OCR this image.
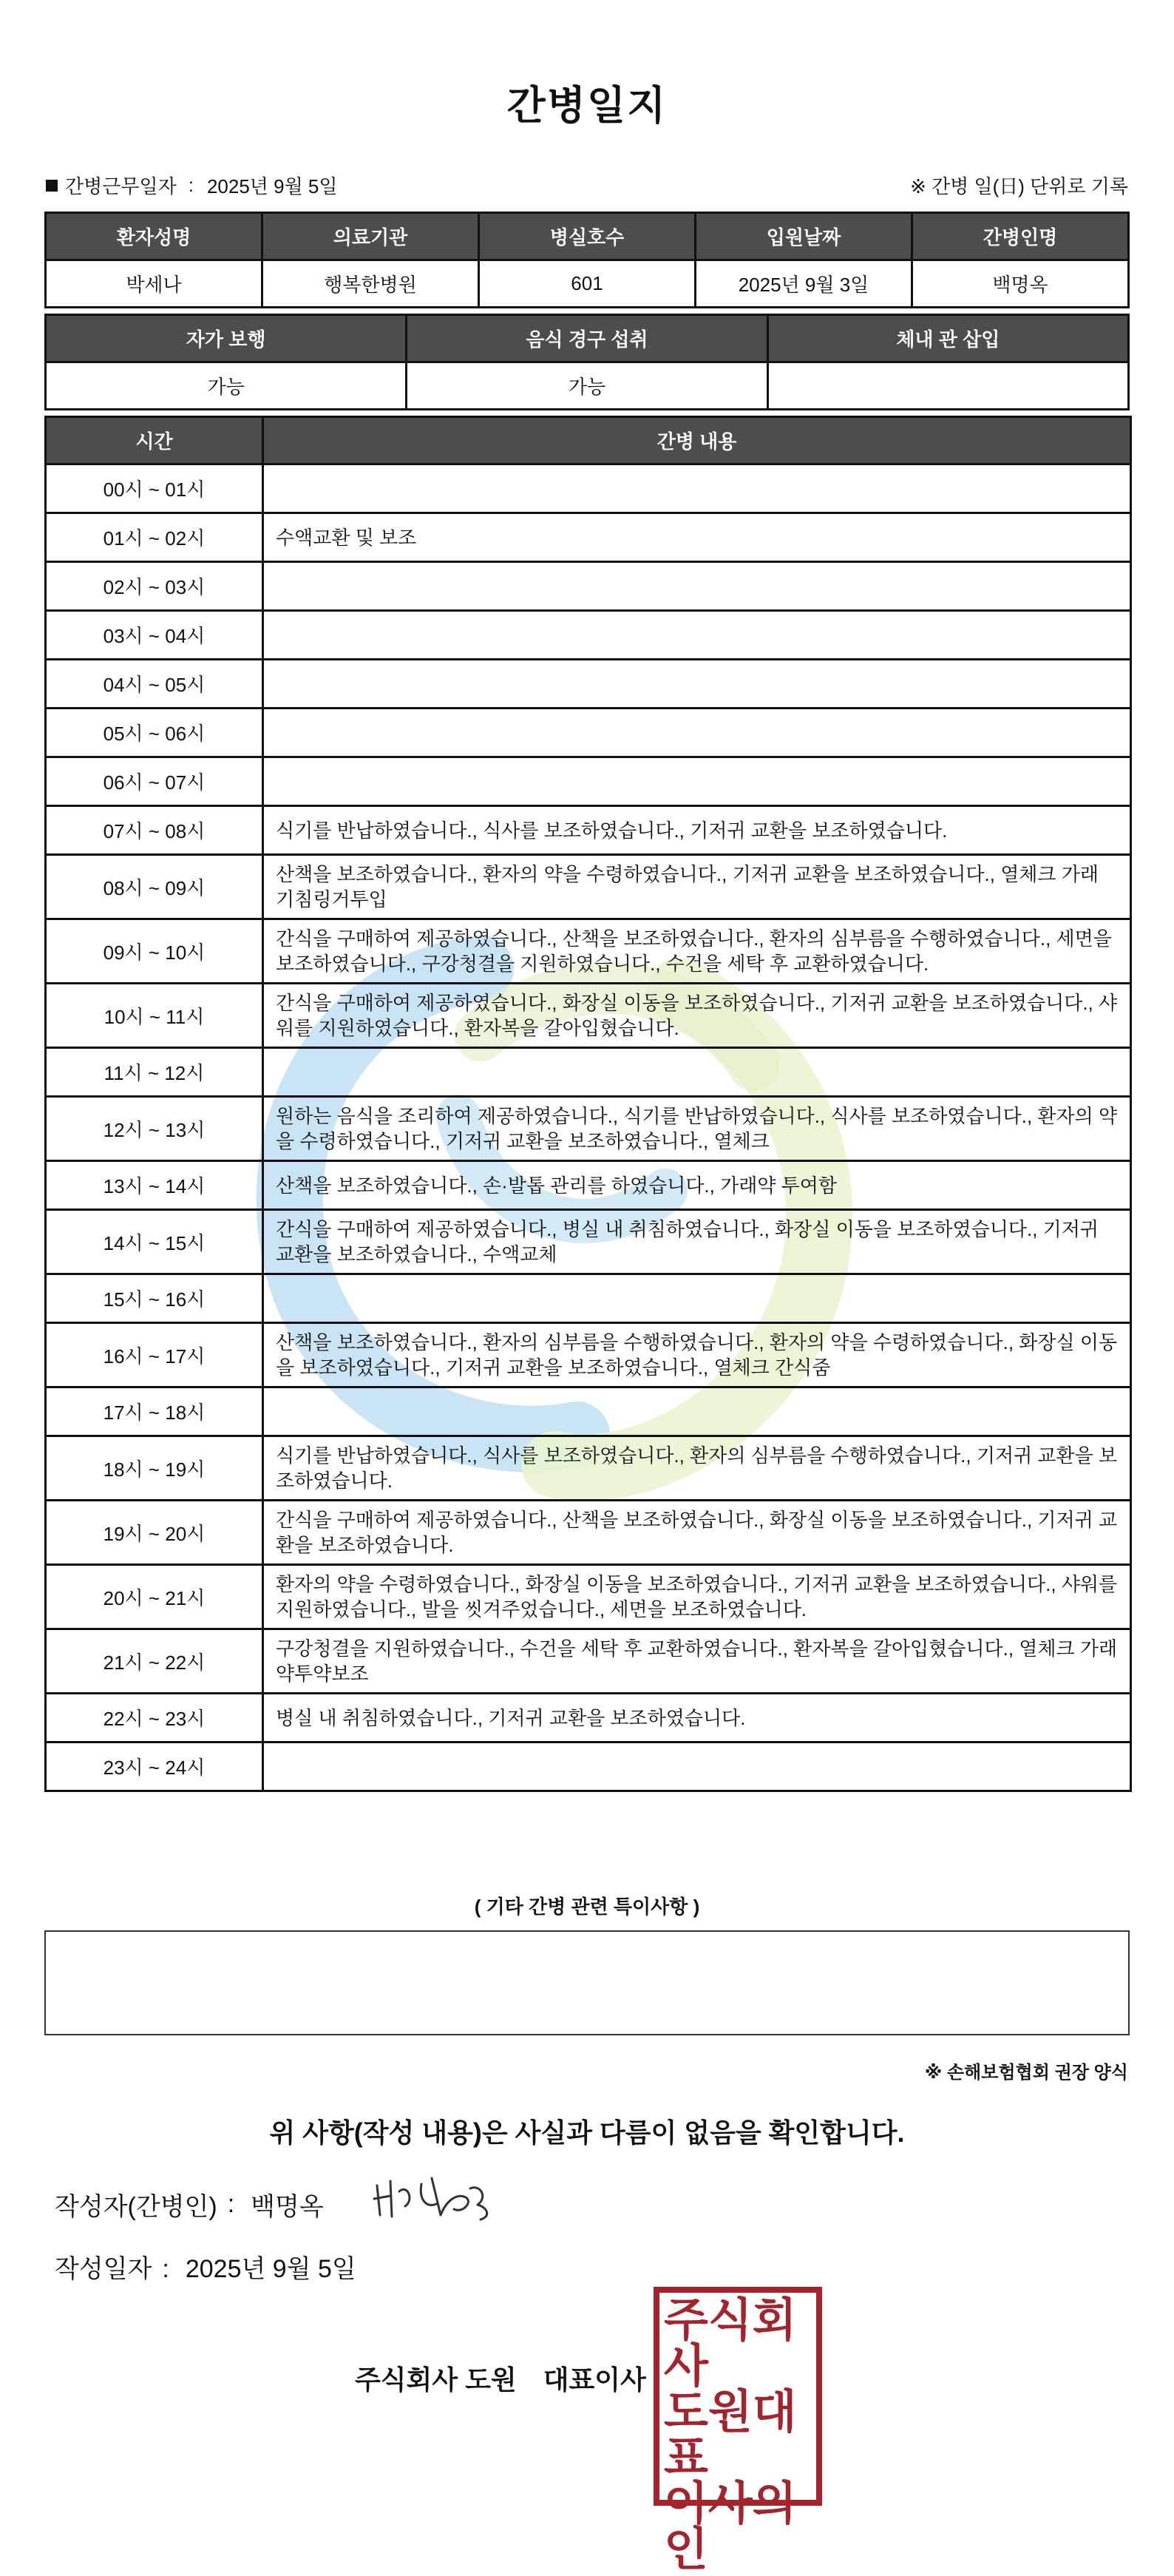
간병일지
간병근무일자 : 2025년 9월 5일	※ 간병 일(日) 단위로 기록
환자성명	의료기관	병실호수	입원날짜	간병인명
박세나	행복한병원	601	2025년 9월 3일	백명옥
자가 보행	음식 경구 섭취	체내 관 삽입
가능	가능	
시간	간병 내용
00시 ~ 01시	
01시 ~ 02시	수액교환 및 보조
02시 ~ 03시	
03시 ~ 04시	
04시 ~ 05시	
05시 ~ 06시	
06시 ~ 07시	
07시 ~ 08시	식기를 반납하였습니다., 식사를 보조하였습니다., 기저귀 교환을 보조하였습니다.
08시 ~ 09시	산책을 보조하였습니다., 환자의 약을 수령하였습니다., 기저귀 교환을 보조하였습니다., 열체크 가래 기침링거투입
09시 ~ 10시	간식을 구매하여 제공하였습니다., 산책을 보조하였습니다., 환자의 심부름을 수행하였습니다., 세면을 보조하였습니다., 구강청결을 지원하였습니다., 수건을 세탁 후 교환하였습니다.
10시 ~ 11시	간식을 구매하여 제공하였습니다., 화장실 이동을 보조하였습니다., 기저귀 교환을 보조하였습니다., 샤워를 지원하였습니다., 환자복을 갈아입혔습니다.
11시 ~ 12시	
12시 ~ 13시	원하는 음식을 조리하여 제공하였습니다., 식기를 반납하였습니다., 식사를 보조하였습니다., 환자의 약을 수령하였습니다., 기저귀 교환을 보조하였습니다., 열체크
13시 ~ 14시	산책을 보조하였습니다., 손·발톱 관리를 하였습니다., 가래약 투여함
14시 ~ 15시	간식을 구매하여 제공하였습니다., 병실 내 취침하였습니다., 화장실 이동을 보조하였습니다., 기저귀 교환을 보조하였습니다., 수액교체
15시 ~ 16시	
16시 ~ 17시	산책을 보조하였습니다., 환자의 심부름을 수행하였습니다., 환자의 약을 수령하였습니다., 화장실 이동을 보조하였습니다., 기저귀 교환을 보조하였습니다., 열체크 간식줌
17시 ~ 18시	
18시 ~ 19시	식기를 반납하였습니다., 식사를 보조하였습니다., 환자의 심부름을 수행하였습니다., 기저귀 교환을 보조하였습니다.
19시 ~ 20시	간식을 구매하여 제공하였습니다., 산책을 보조하였습니다., 화장실 이동을 보조하였습니다., 기저귀 교환을 보조하였습니다.
20시 ~ 21시	환자의 약을 수령하였습니다., 화장실 이동을 보조하였습니다., 기저귀 교환을 보조하였습니다., 샤워를 지원하였습니다., 발을 씻겨주었습니다., 세면을 보조하였습니다.
21시 ~ 22시	구강청결을 지원하였습니다., 수건을 세탁 후 교환하였습니다., 환자복을 갈아입혔습니다., 열체크 가래약투약보조
22시 ~ 23시	병실 내 취침하였습니다., 기저귀 교환을 보조하였습니다.
23시 ~ 24시	
( 기타 간병 관련 특이사항 )
※ 손해보험협회 권장 양식
위 사항(작성 내용)은 사실과 다름이 없음을 확인합니다.
작성자(간병인) : 백명옥
작성일자 : 2025년 9월 5일
주식회사 도원 대표이사
주식회사
도원대표
이사의인
